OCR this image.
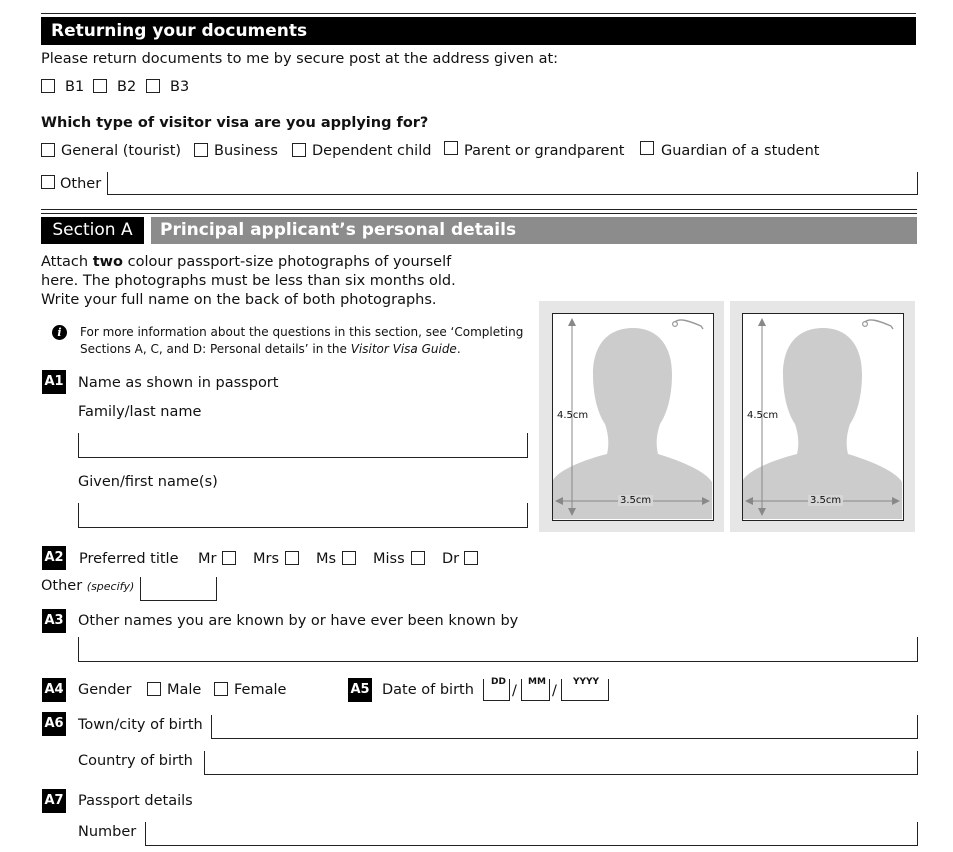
Returning your documents
Please return documents to me by secure post at the address given at:
B1 B2 B3
Which type of visitor visa are you applying for?
General (tourist) Business Dependent child Parent or grandparent	Guardian of a student
Other
Section A	Principal applicant’s personal details
Attach two colour passport-size photographs of yourself
here. The photographs must be less than six months old.
Write your full name on the back of both photographs.
i	For more information about the questions in this section, see ‘Completing
Sections A, C, and D: Personal details’ in the Visitor Visa Guide.
4.5cm
3.5cm
4.5cm
3.5cm
A1 Name as shown in passport
Family/last name
Given/first name(s)
A2 Preferred title Mr	Mrs	Ms	Miss	Dr
Other (specify)
A3 Other names you are known by or have ever been known by
A4 Gender Male Female	A5 Date of birth DD
/
MM
/
YYYY
A6 Town/city of birth
Country of birth
A7 Passport details
Number
